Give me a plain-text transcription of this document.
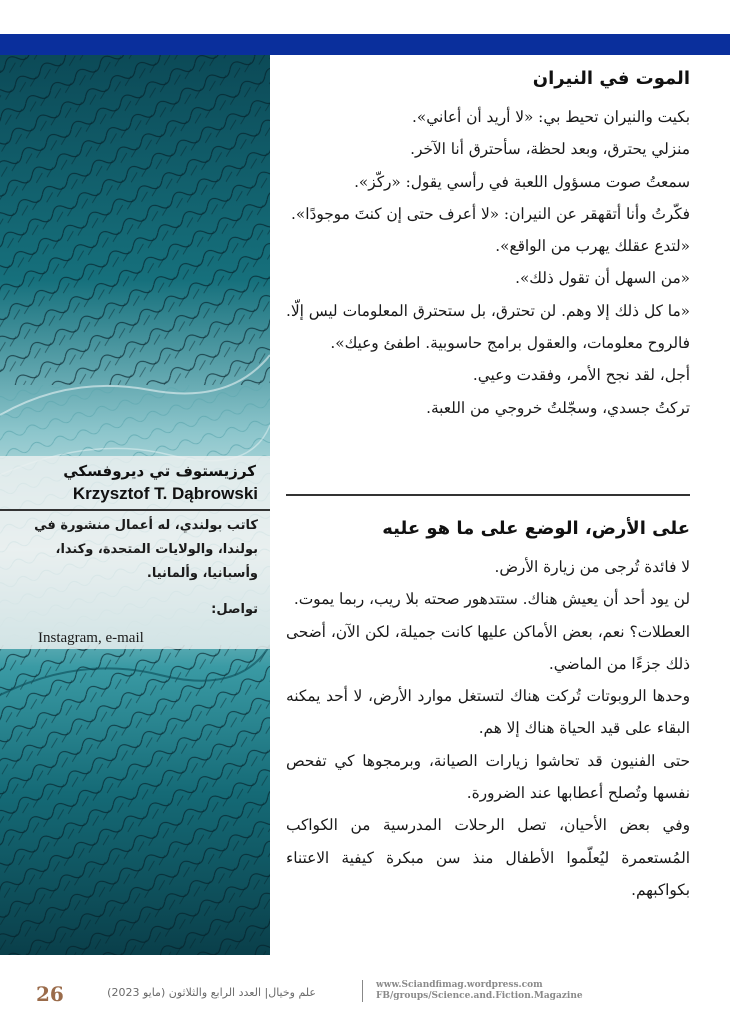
كرزيستوف تي ديروفسكي
Krzysztof T. Dąbrowski
كاتب بولندي، له أعمال منشورة في بولندا، والولايات المتحدة، وكندا، وأسبانيا، وألمانيا.
تواصل:
Instagram, e-mail
الموت في النيران

بكيت والنيران تحيط بي: «لا أريد أن أعاني».

منزلي يحترق، وبعد لحظة، سأحترق أنا الآخر.

سمعتُ صوت مسؤول اللعبة في رأسي يقول: «ركّز».

فكّرتُ وأنا أتقهقر عن النيران: «لا أعرف حتى إن كنتَ موجودًا».

«لتدع عقلك يهرب من الواقع».

«من السهل أن تقول ذلك».

«ما كل ذلك إلا وهم. لن تحترق، بل ستحترق المعلومات ليس إلّا. فالروح معلومات، والعقول برامج حاسوبية. اطفئ وعيك».

أجل، لقد نجح الأمر، وفقدت وعيي.

تركتُ جسدي، وسجّلتُ خروجي من اللعبة.

على الأرض، الوضع على ما هو عليه

لا فائدة تُرجى من زيارة الأرض.

لن يود أحد أن يعيش هناك. ستتدهور صحته بلا ريب، ربما يموت.

العطلات؟ نعم، بعض الأماكن عليها كانت جميلة، لكن الآن، أضحى ذلك جزءًا من الماضي.

وحدها الروبوتات تُركت هناك لتستغل موارد الأرض، لا أحد يمكنه البقاء على قيد الحياة هناك إلا هم.

حتى الفنيون قد تحاشوا زيارات الصيانة، وبرمجوها كي تفحص نفسها وتُصلح أعطابها عند الضرورة.

وفي بعض الأحيان، تصل الرحلات المدرسية من الكواكب المُستعمرة ليُعلّموا الأطفال منذ سن مبكرة كيفية الاعتناء بكواكبهم.

26	علم وخيال| العدد الرابع والثلاثون (مايو 2023)
www.Sciandfimag.wordpress.com
FB/groups/Science.and.Fiction.Magazine
